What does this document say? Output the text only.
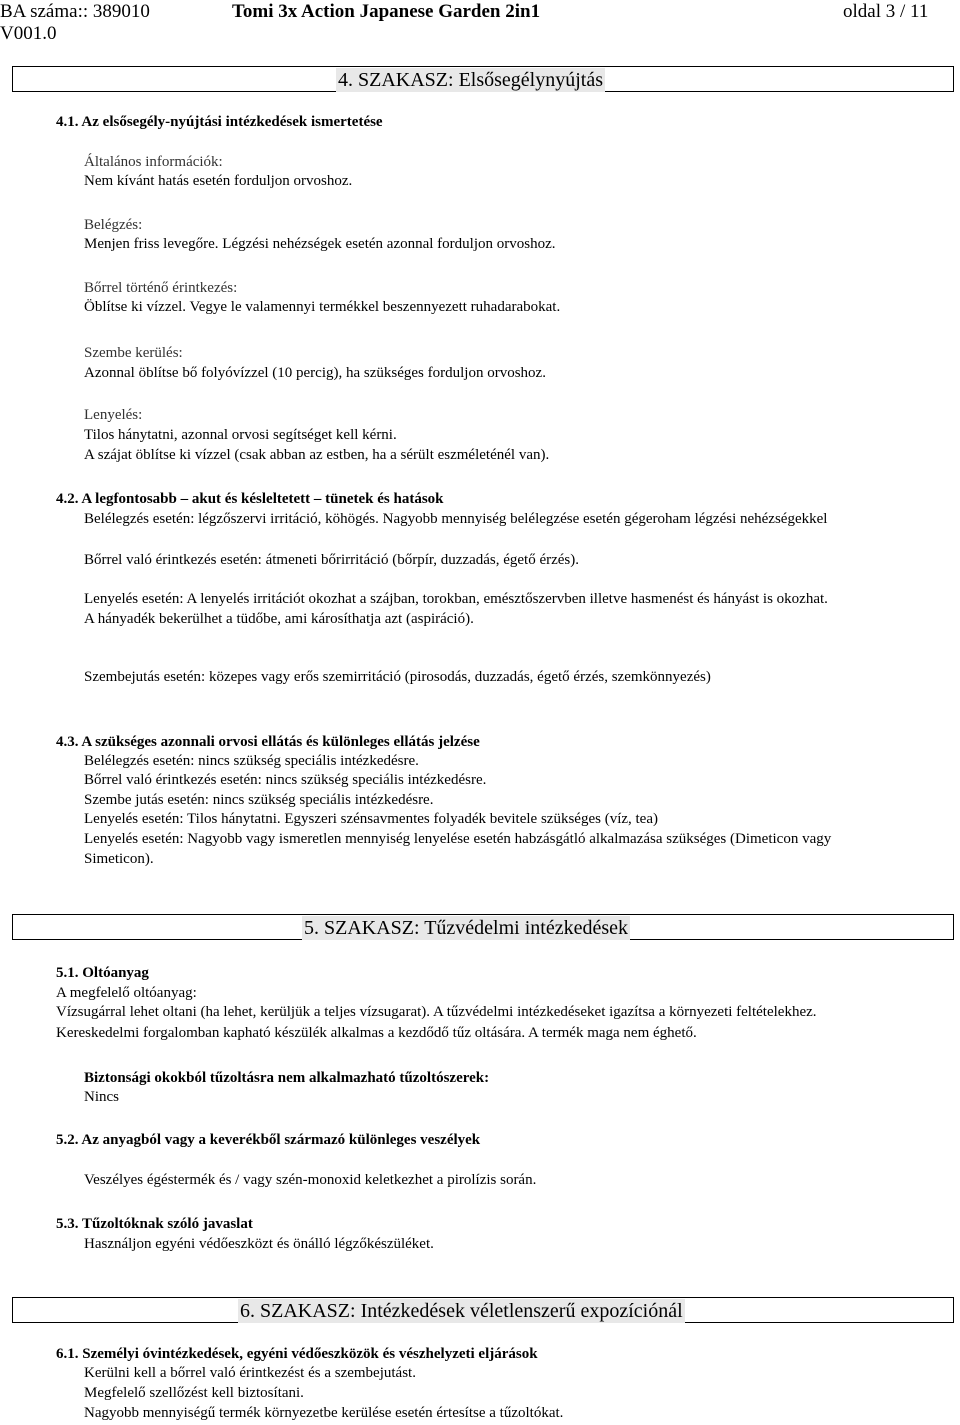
BA száma:: 389010
V001.0
Tomi 3x Action Japanese Garden 2in1	oldal 3 / 11
4. SZAKASZ: Elsősegélynyújtás
4.1. Az elsősegély-nyújtási intézkedések ismertetése
Általános információk:
Nem kívánt hatás esetén forduljon orvoshoz.
Belégzés:
Menjen friss levegőre. Légzési nehézségek esetén azonnal forduljon orvoshoz.
Bőrrel történő érintkezés:
Öblítse ki vízzel. Vegye le valamennyi termékkel beszennyezett ruhadarabokat.
Szembe kerülés:
Azonnal öblítse bő folyóvízzel (10 percig), ha szükséges forduljon orvoshoz.
Lenyelés:
Tilos hánytatni, azonnal orvosi segítséget kell kérni.
A szájat öblítse ki vízzel (csak abban az estben, ha a sérült eszméleténél van).
4.2. A legfontosabb – akut és késleltetett – tünetek és hatások
Belélegzés esetén: légzőszervi irritáció, köhögés. Nagyobb mennyiség belélegzése esetén gégeroham légzési nehézségekkel
Bőrrel való érintkezés esetén: átmeneti bőrirritáció (bőrpír, duzzadás, égető érzés).
Lenyelés esetén: A lenyelés irritációt okozhat a szájban, torokban, emésztőszervben illetve hasmenést és hányást is okozhat.
A hányadék bekerülhet a tüdőbe, ami károsíthatja azt (aspiráció).
Szembejutás esetén: közepes vagy erős szemirritáció (pirosodás, duzzadás, égető érzés, szemkönnyezés)
4.3. A szükséges azonnali orvosi ellátás és különleges ellátás jelzése
Belélegzés esetén: nincs szükség speciális intézkedésre.
Bőrrel való érintkezés esetén: nincs szükség speciális intézkedésre.
Szembe jutás esetén: nincs szükség speciális intézkedésre.
Lenyelés esetén: Tilos hánytatni. Egyszeri szénsavmentes folyadék bevitele szükséges (víz, tea)
Lenyelés esetén: Nagyobb vagy ismeretlen mennyiség lenyelése esetén habzásgátló alkalmazása szükséges (Dimeticon vagy
Simeticon).
5. SZAKASZ: Tűzvédelmi intézkedések
5.1. Oltóanyag
A megfelelő oltóanyag:
Vízsugárral lehet oltani (ha lehet, kerüljük a teljes vízsugarat). A tűzvédelmi intézkedéseket igazítsa a környezeti feltételekhez.
Kereskedelmi forgalomban kapható készülék alkalmas a kezdődő tűz oltására. A termék maga nem éghető.
Biztonsági okokból tűzoltásra nem alkalmazható tűzoltószerek:
Nincs
5.2. Az anyagból vagy a keverékből származó különleges veszélyek
Veszélyes égéstermék és / vagy szén-monoxid keletkezhet a pirolízis során.
5.3. Tűzoltóknak szóló javaslat
Használjon egyéni védőeszközt és önálló légzőkészüléket.
6. SZAKASZ: Intézkedések véletlenszerű expozíciónál
6.1. Személyi óvintézkedések, egyéni védőeszközök és vészhelyzeti eljárások
Kerülni kell a bőrrel való érintkezést és a szembejutást.
Megfelelő szellőzést kell biztosítani.
Nagyobb mennyiségű termék környezetbe kerülése esetén értesítse a tűzoltókat.
